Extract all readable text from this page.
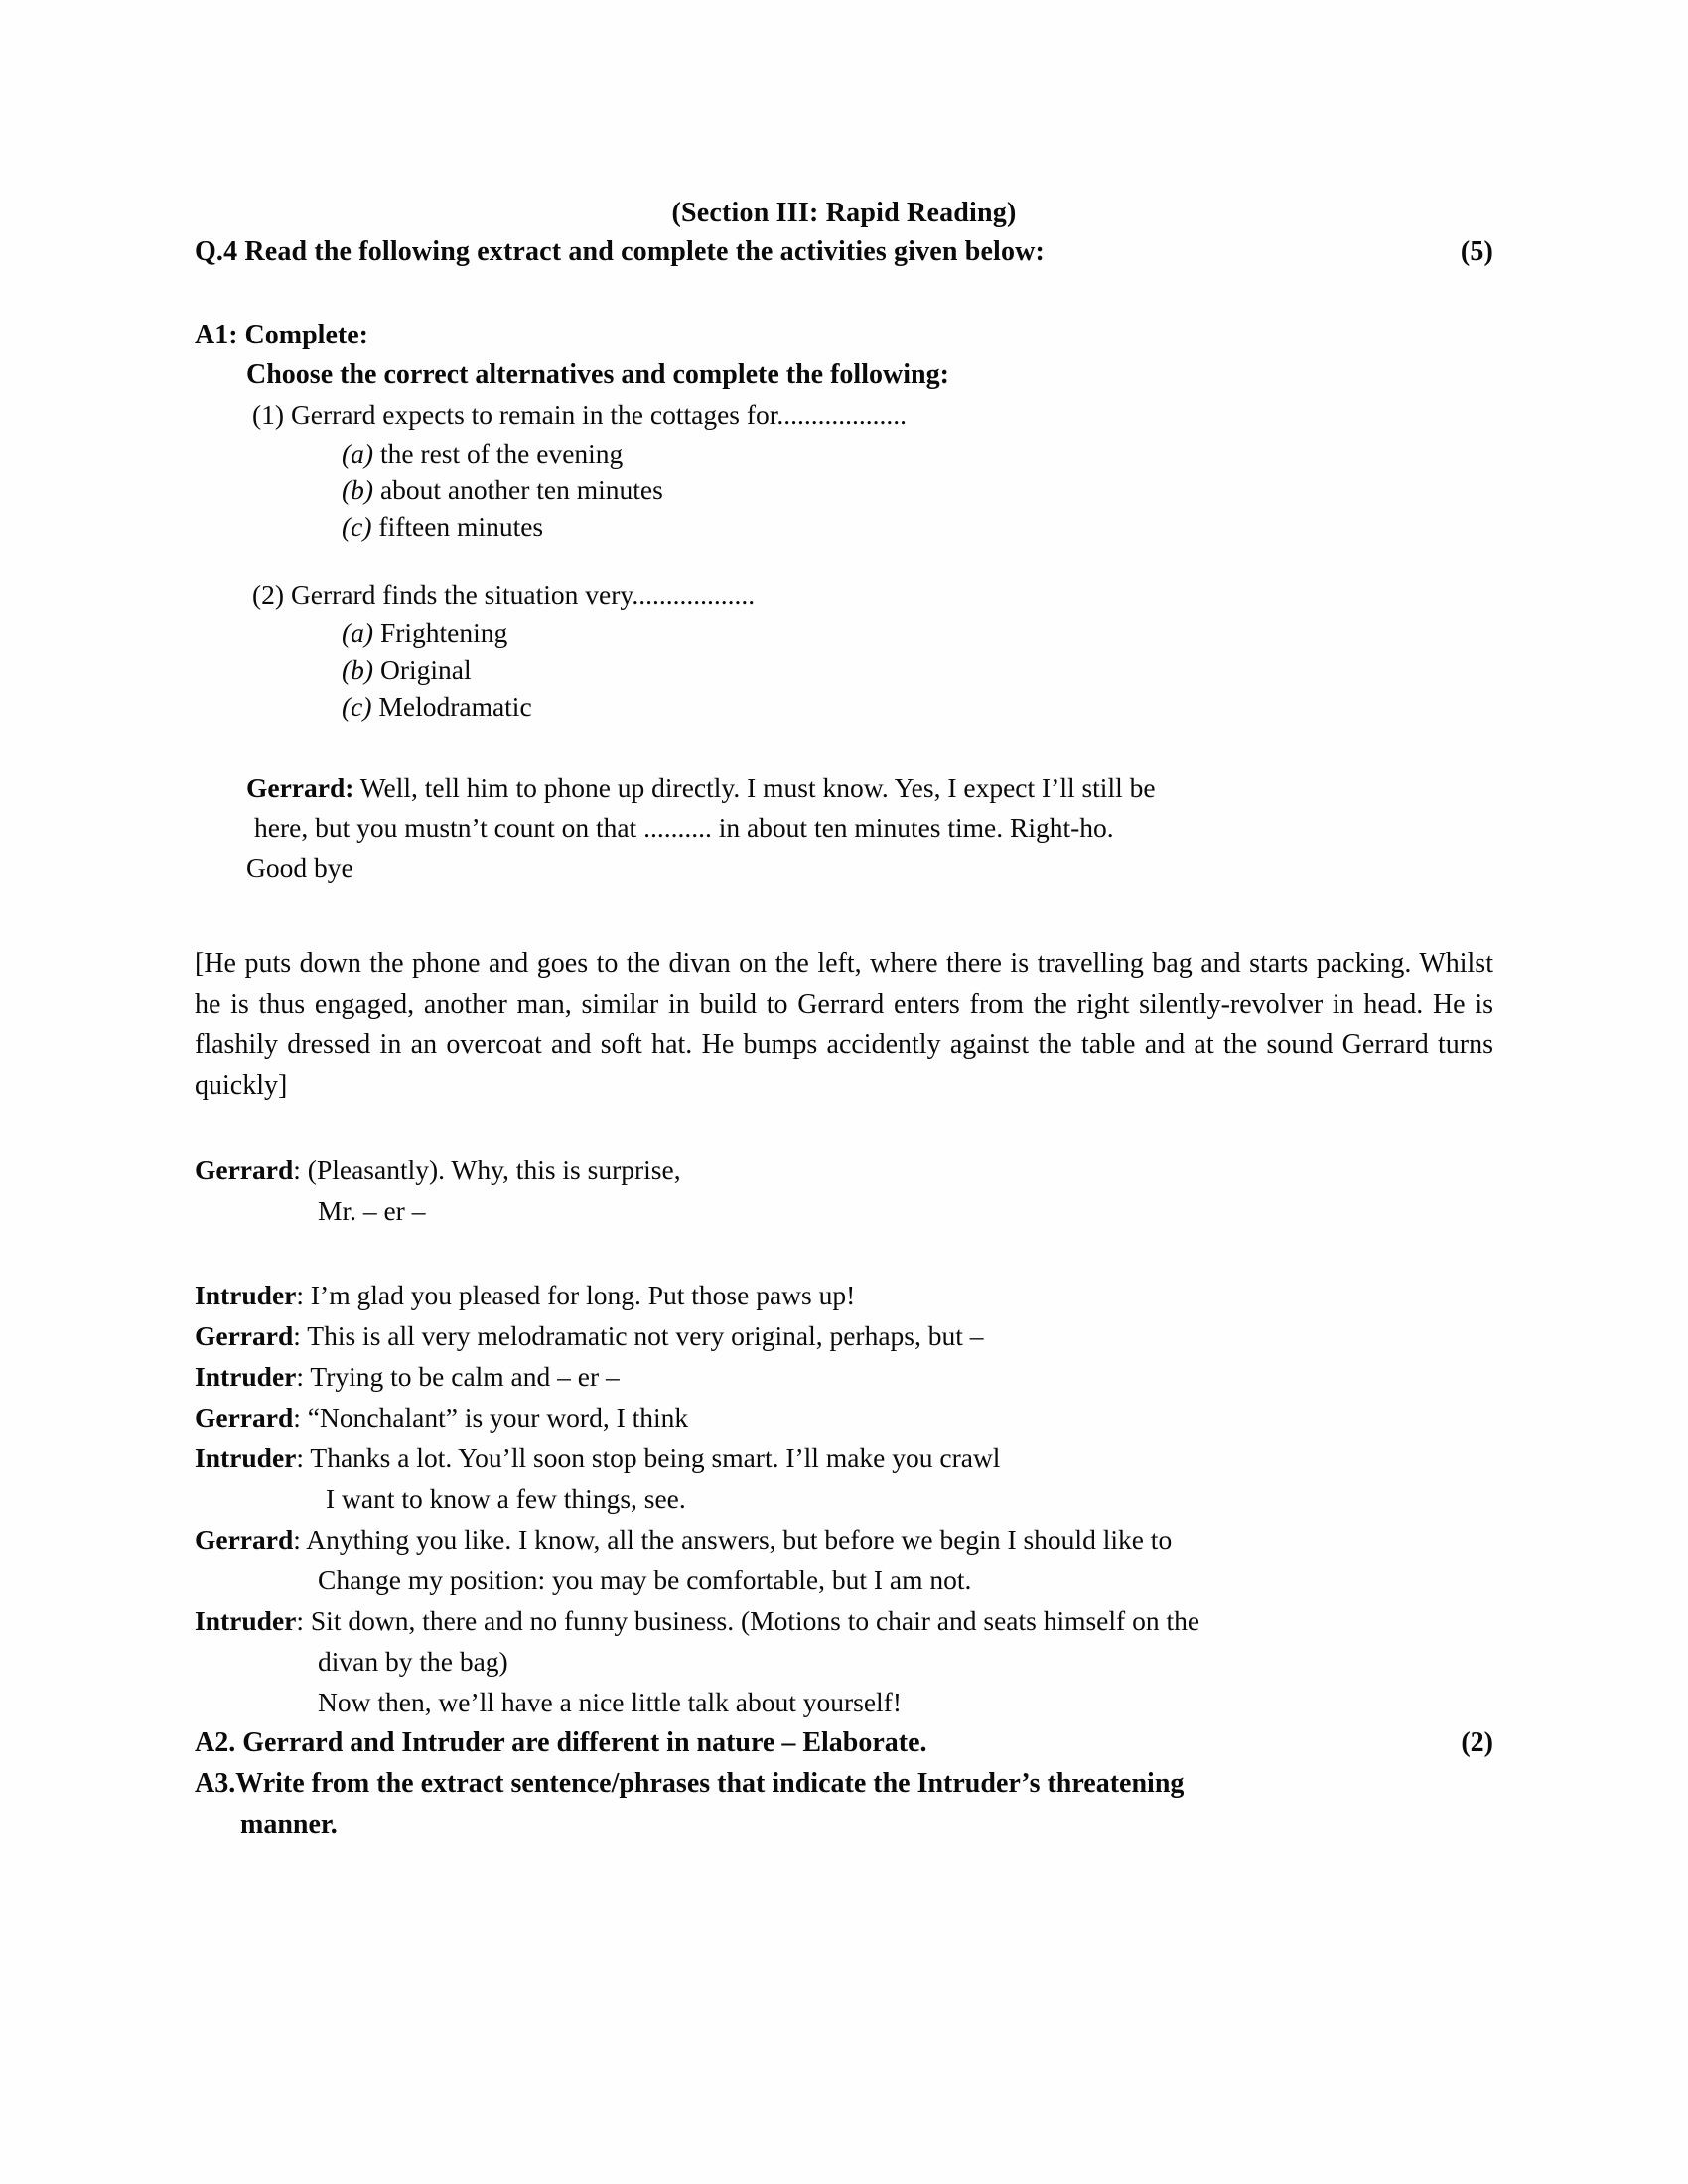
(Section III: Rapid Reading)
Q.4 Read the following extract and complete the activities given below:	(5)
A1: Complete:
Choose the correct alternatives and complete the following:
(1) Gerrard expects to remain in the cottages for...................
(a) the rest of the evening
(b) about another ten minutes
(c) fifteen minutes
(2) Gerrard finds the situation very..................
(a) Frightening
(b) Original
(c) Melodramatic
Gerrard: Well, tell him to phone up directly. I must know. Yes, I expect I’ll still be
here, but you mustn’t count on that .......... in about ten minutes time. Right-ho.
Good bye
[He puts down the phone and goes to the divan on the left, where there is travelling bag and starts packing. Whilst he is thus engaged, another man, similar in build to Gerrard enters from the right silently-revolver in head. He is flashily dressed in an overcoat and soft hat. He bumps accidently against the table and at the sound Gerrard turns quickly]
Gerrard: (Pleasantly). Why, this is surprise,
Mr. – er –
Intruder: I’m glad you pleased for long. Put those paws up!
Gerrard: This is all very melodramatic not very original, perhaps, but –
Intruder: Trying to be calm and – er –
Gerrard: “Nonchalant” is your word, I think
Intruder: Thanks a lot. You’ll soon stop being smart. I’ll make you crawl
I want to know a few things, see.
Gerrard: Anything you like. I know, all the answers, but before we begin I should like to
Change my position: you may be comfortable, but I am not.
Intruder: Sit down, there and no funny business. (Motions to chair and seats himself on the
divan by the bag)
Now then, we’ll have a nice little talk about yourself!
A2. Gerrard and Intruder are different in nature – Elaborate.	(2)
A3.Write from the extract sentence/phrases that indicate the Intruder’s threatening
manner.
